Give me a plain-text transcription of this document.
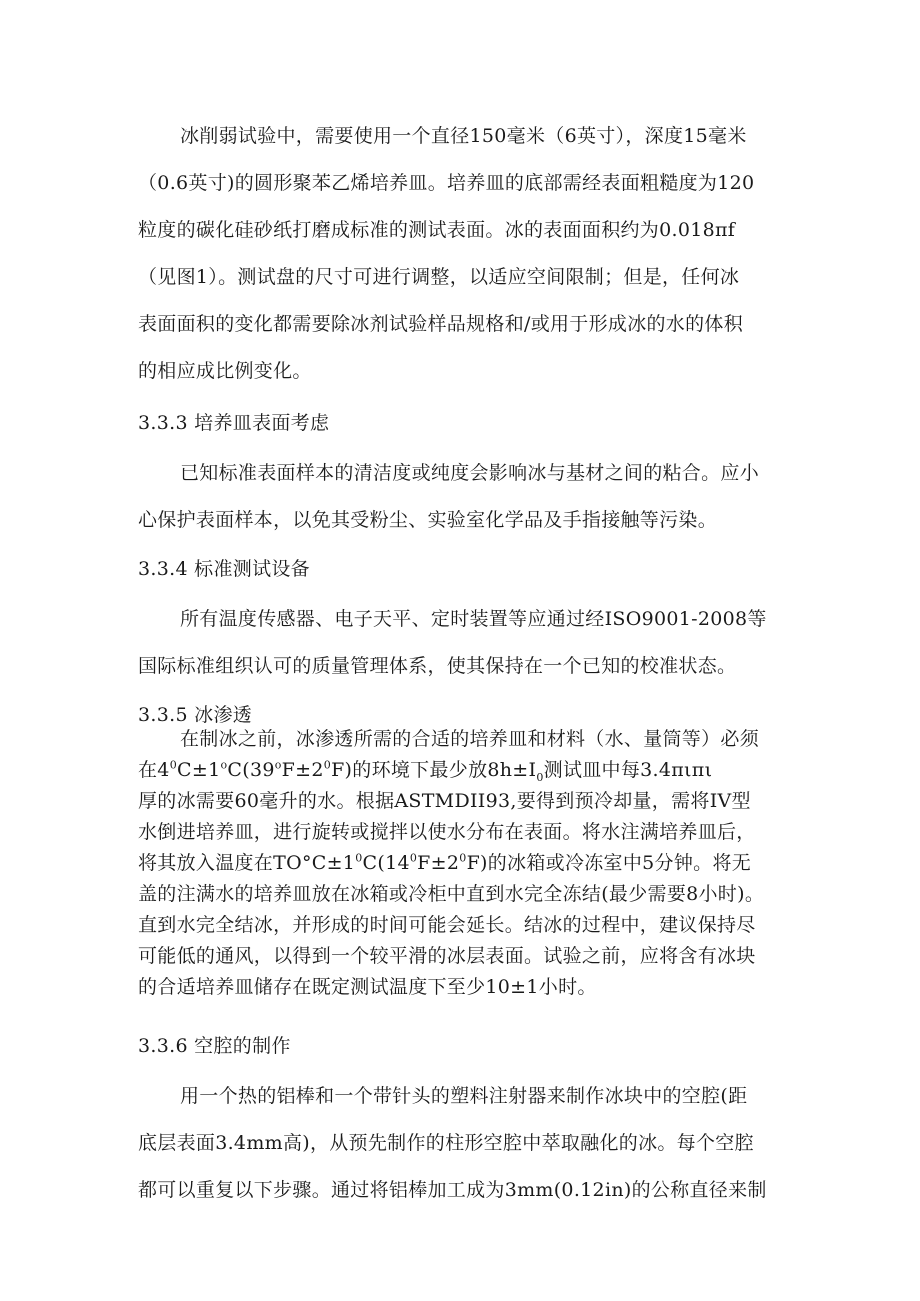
冰削弱试验中，需要使用一个直径150毫米（6英寸），深度15毫米
（0.6英寸)的圆形聚苯乙烯培养皿。培养皿的底部需经表面粗糙度为120
粒度的碳化硅砂纸打磨成标准的测试表面。冰的表面面积约为0.018πf
（见图1）。测试盘的尺寸可进行调整，以适应空间限制；但是，任何冰
表面面积的变化都需要除冰剂试验样品规格和/或用于形成冰的水的体积
的相应成比例变化。
3.3.3 培养皿表面考虑
已知标准表面样本的清洁度或纯度会影响冰与基材之间的粘合。应小
心保护表面样本，以免其受粉尘、实验室化学品及手指接触等污染。
3.3.4 标准测试设备
所有温度传感器、电子天平、定时装置等应通过经ISO9001-2008等
国际标准组织认可的质量管理体系，使其保持在一个已知的校准状态。
3.3.5 冰渗透
在制冰之前，冰渗透所需的合适的培养皿和材料（水、量筒等）必须
在$4^0C\pm 1^oC(39^oF\pm 2^0F)$的环境下最少放$8h\pm I_0$测试皿中每3.4πιπι
厚的冰需要60毫升的水。根据ASTMDII93,要得到预冷却量，需将IV型
水倒进培养皿，进行旋转或搅拌以使水分布在表面。将水注满培养皿后，
将其放入温度在$TO^\circ C\pm 1^0C(14^0F\pm 2^0F)$的冰箱或冷冻室中5分钟。将无
盖的注满水的培养皿放在冰箱或冷柜中直到水完全冻结(最少需要8小时)。
直到水完全结冰，并形成的时间可能会延长。结冰的过程中，建议保持尽
可能低的通风，以得到一个较平滑的冰层表面。试验之前，应将含有冰块
的合适培养皿储存在既定测试温度下至少10±1小时。
3.3.6 空腔的制作
用一个热的铝棒和一个带针头的塑料注射器来制作冰块中的空腔(距
底层表面3.4mm高)，从预先制作的柱形空腔中萃取融化的冰。每个空腔
都可以重复以下步骤。通过将铝棒加工成为3mm(0.12in)的公称直径来制
